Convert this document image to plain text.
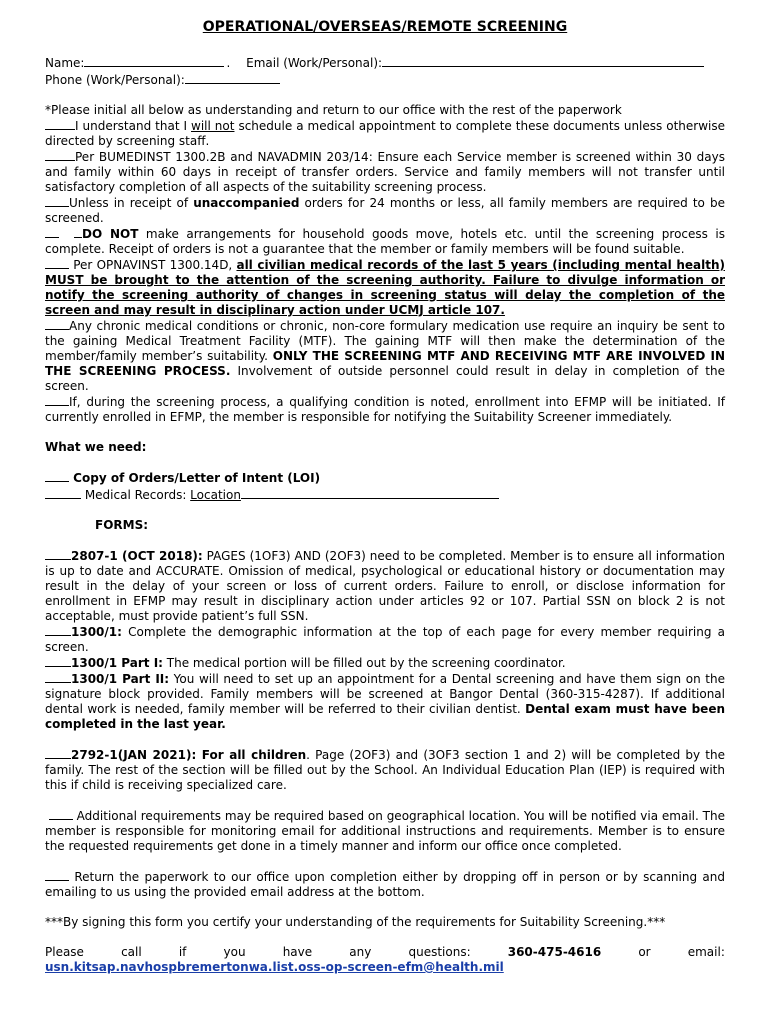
OPERATIONAL/OVERSEAS/REMOTE SCREENING
Name:	. Email (Work/Personal):
Phone (Work/Personal):

*Please initial all below as understanding and return to our office with the rest of the paperwork

I understand that I will not schedule a medical appointment to complete these documents unless otherwise directed by screening staff.

Per BUMEDINST 1300.2B and NAVADMIN 203/14: Ensure each Service member is screened within 30 days and family within 60 days in receipt of transfer orders. Service and family members will not transfer until satisfactory completion of all aspects of the suitability screening process.

Unless in receipt of unaccompanied orders for 24 months or less, all family members are required to be screened.

DO NOT make arrangements for household goods move, hotels etc. until the screening process is complete. Receipt of orders is not a guarantee that the member or family members will be found suitable.

Per OPNAVINST 1300.14D, all civilian medical records of the last 5 years (including mental health) MUST be brought to the attention of the screening authority. Failure to divulge information or notify the screening authority of changes in screening status will delay the completion of the screen and may result in disciplinary action under UCMJ article 107.

Any chronic medical conditions or chronic, non-core formulary medication use require an inquiry be sent to the gaining Medical Treatment Facility (MTF). The gaining MTF will then make the determination of the member/family member’s suitability. ONLY THE SCREENING MTF AND RECEIVING MTF ARE INVOLVED IN THE SCREENING PROCESS. Involvement of outside personnel could result in delay in completion of the screen.

If, during the screening process, a qualifying condition is noted, enrollment into EFMP will be initiated. If currently enrolled in EFMP, the member is responsible for notifying the Suitability Screener immediately.

What we need:

Copy of Orders/Letter of Intent (LOI)

Medical Records: Location

FORMS:

2807-1 (OCT 2018): PAGES (1OF3) AND (2OF3) need to be completed. Member is to ensure all information is up to date and ACCURATE. Omission of medical, psychological or educational history or documentation may result in the delay of your screen or loss of current orders. Failure to enroll, or disclose information for enrollment in EFMP may result in disciplinary action under articles 92 or 107. Partial SSN on block 2 is not acceptable, must provide patient’s full SSN.

1300/1: Complete the demographic information at the top of each page for every member requiring a screen.

1300/1 Part I: The medical portion will be filled out by the screening coordinator.

1300/1 Part II: You will need to set up an appointment for a Dental screening and have them sign on the signature block provided. Family members will be screened at Bangor Dental (360-315-4287). If additional dental work is needed, family member will be referred to their civilian dentist. Dental exam must have been completed in the last year.

2792-1(JAN 2021): For all children. Page (2OF3) and (3OF3 section 1 and 2) will be completed by the family. The rest of the section will be filled out by the School. An Individual Education Plan (IEP) is required with this if child is receiving specialized care.

Additional requirements may be required based on geographical location. You will be notified via email. The member is responsible for monitoring email for additional instructions and requirements. Member is to ensure the requested requirements get done in a timely manner and inform our office once completed.

Return the paperwork to our office upon completion either by dropping off in person or by scanning and emailing to us using the provided email address at the bottom.

***By signing this form you certify your understanding of the requirements for Suitability Screening.***

Please	call	if	you	have	any	questions:	360-475-4616	or	email:
usn.kitsap.navhospbremertonwa.list.oss-op-screen-efm@health.mil
